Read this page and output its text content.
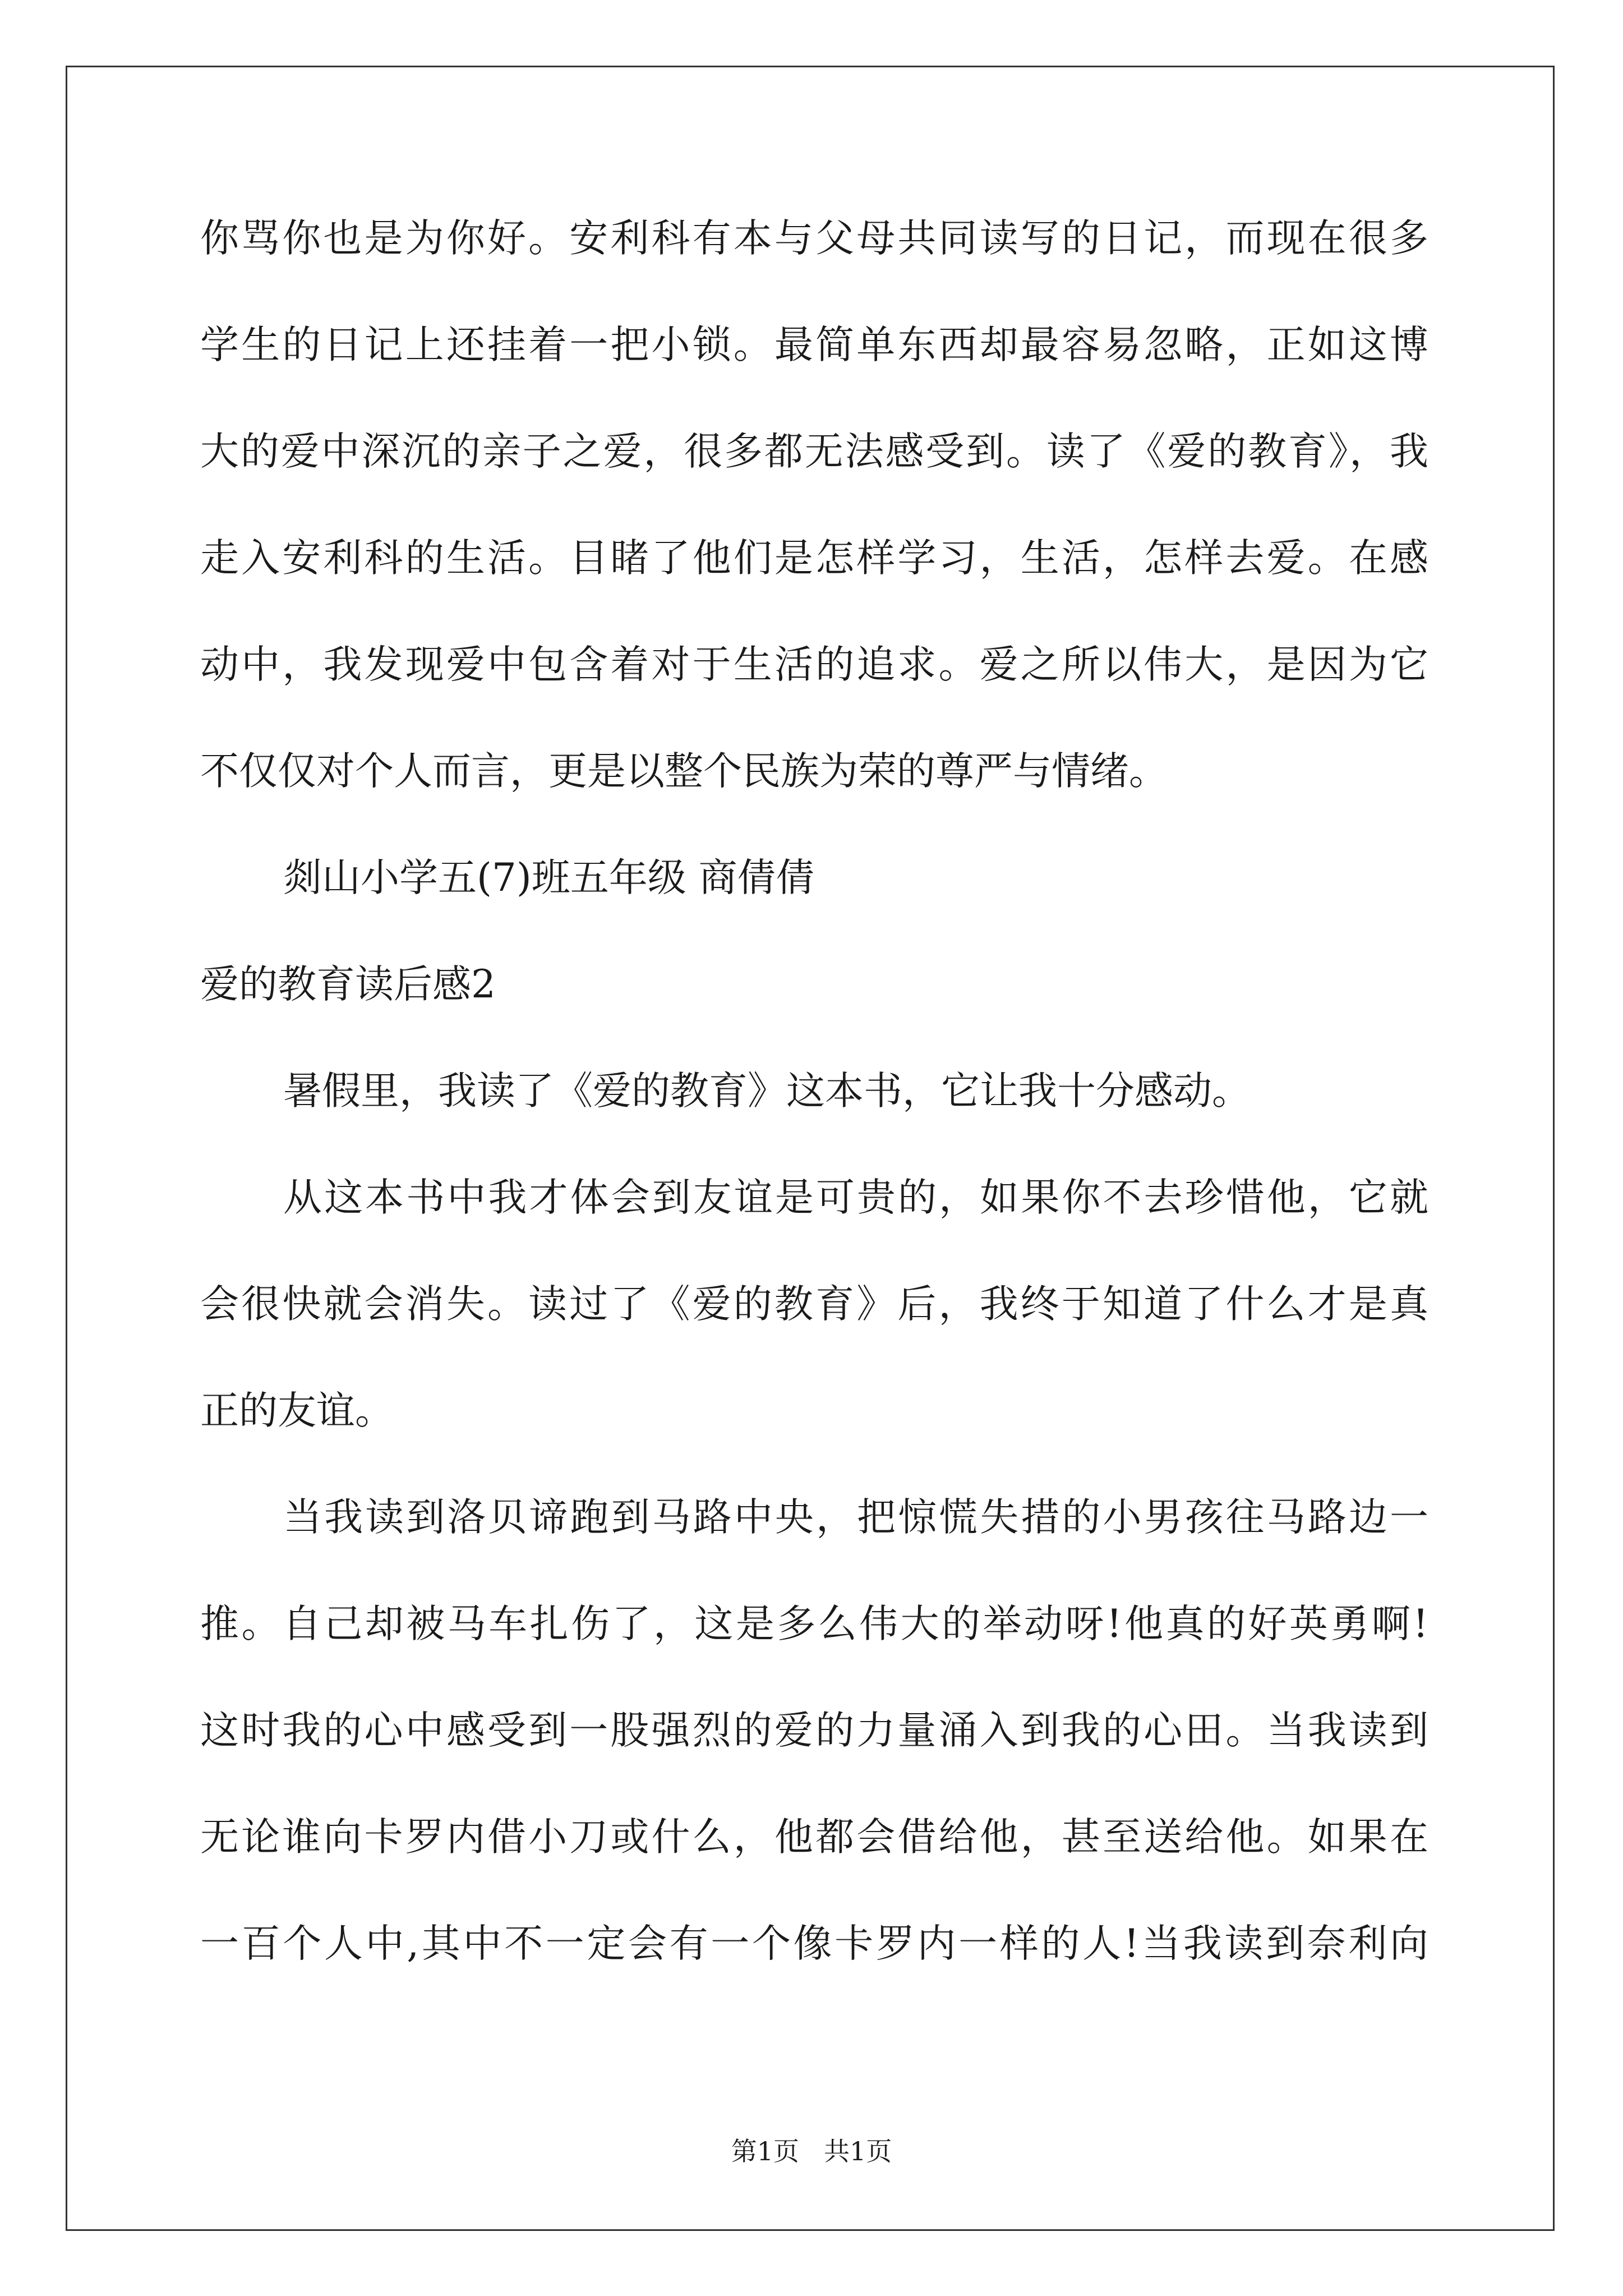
你骂你也是为你好。安利科有本与父母共同读写的日记，而现在很多
学生的日记上还挂着一把小锁。最简单东西却最容易忽略，正如这博
大的爱中深沉的亲子之爱，很多都无法感受到。读了《爱的教育》，我
走入安利科的生活。目睹了他们是怎样学习，生活，怎样去爱。在感
动中，我发现爱中包含着对于生活的追求。爱之所以伟大，是因为它
不仅仅对个人而言，更是以整个民族为荣的尊严与情绪。
剡山小学五(7)班五年级 商倩倩
爱的教育读后感2
暑假里，我读了《爱的教育》这本书，它让我十分感动。
从这本书中我才体会到友谊是可贵的，如果你不去珍惜他，它就
会很快就会消失。读过了《爱的教育》后，我终于知道了什么才是真
正的友谊。
当我读到洛贝谛跑到马路中央，把惊慌失措的小男孩往马路边一
推。自己却被马车扎伤了，这是多么伟大的举动呀!他真的好英勇啊!
这时我的心中感受到一股强烈的爱的力量涌入到我的心田。当我读到
无论谁向卡罗内借小刀或什么，他都会借给他，甚至送给他。如果在
一百个人中,其中不一定会有一个像卡罗内一样的人!当我读到奈利向
第1页 共1页
